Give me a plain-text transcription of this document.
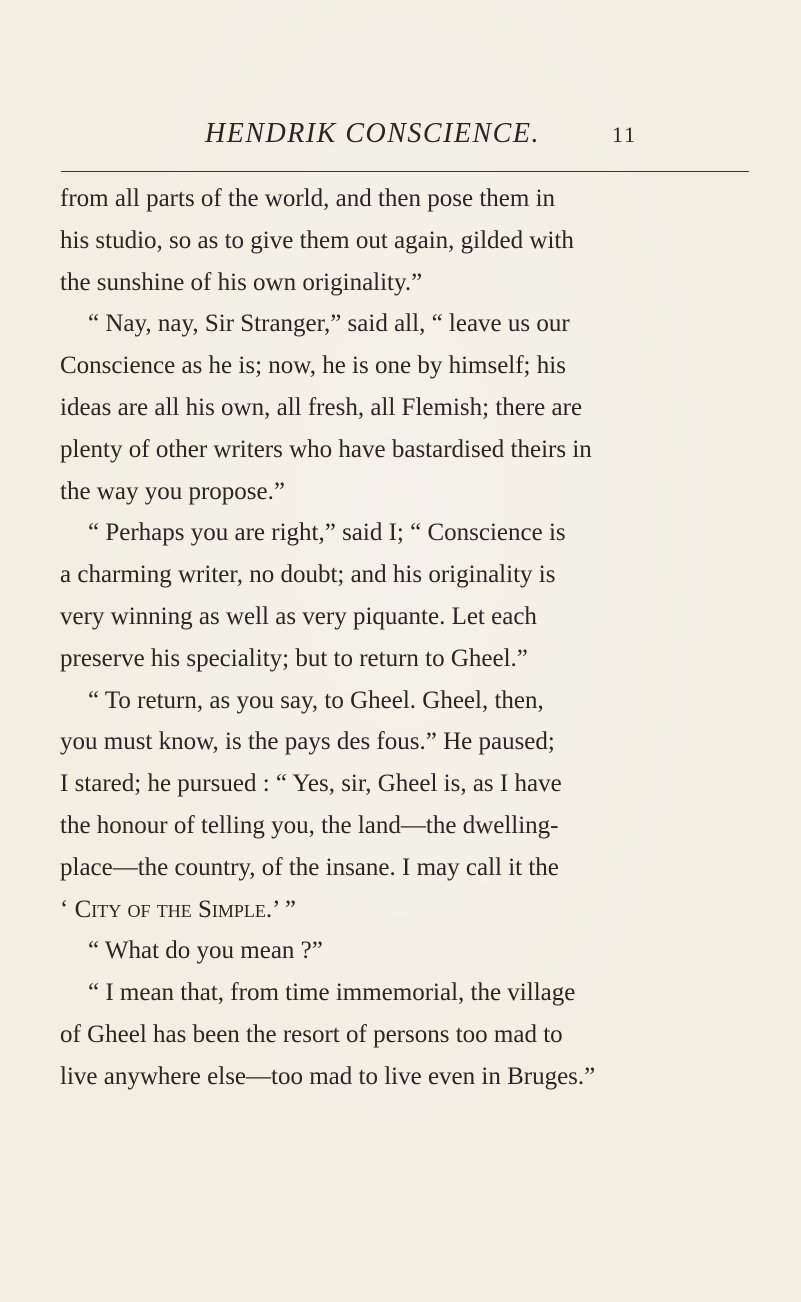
HENDRIK CONSCIENCE.	11
from all parts of the world, and then pose them in
his studio, so as to give them out again, gilded with
the sunshine of his own originality.”
“ Nay, nay, Sir Stranger,” said all, “ leave us our
Conscience as he is; now, he is one by himself; his
ideas are all his own, all fresh, all Flemish; there are
plenty of other writers who have bastardised theirs in
the way you propose.”
“ Perhaps you are right,” said I; “ Conscience is
a charming writer, no doubt; and his originality is
very winning as well as very piquante. Let each
preserve his speciality; but to return to Gheel.”
“ To return, as you say, to Gheel. Gheel, then,
you must know, is the pays des fous.” He paused;
I stared; he pursued : “ Yes, sir, Gheel is, as I have
the honour of telling you, the land—the dwelling-
place—the country, of the insane. I may call it the
‘ City of the Simple.’ ”
“ What do you mean ?”
“ I mean that, from time immemorial, the village
of Gheel has been the resort of persons too mad to
live anywhere else—too mad to live even in Bruges.”
